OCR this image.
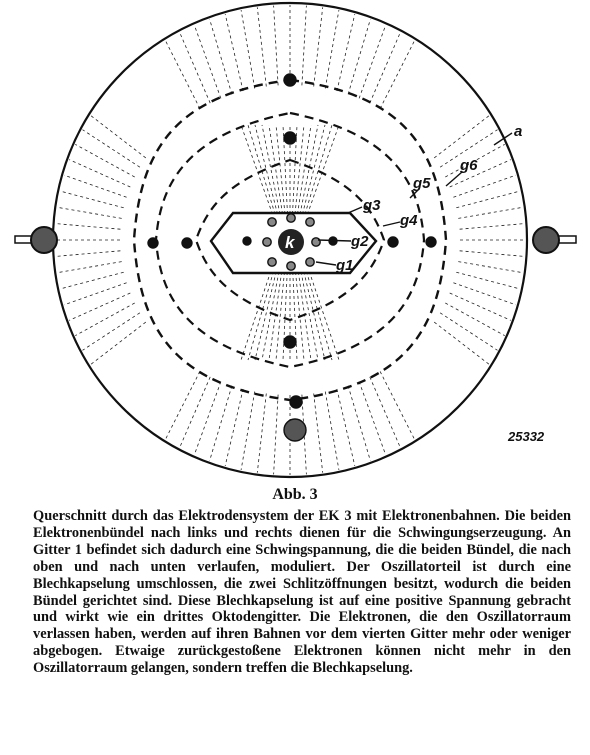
k
a
g6
g5
g4
g3
g2
g1
25332
Abb. 3

Querschnitt durch das Elektrodensystem der EK 3 mit Elektronenbahnen. Die beiden Elektronenbündel nach links und rechts dienen für die Schwingungserzeugung. An Gitter 1 befindet sich dadurch eine Schwingspannung, die die beiden Bündel, die nach oben und nach unten verlaufen, moduliert. Der Oszillatorteil ist durch eine Blechkapselung umschlossen, die zwei Schlitzöffnungen besitzt, wodurch die beiden Bündel gerichtet sind. Diese Blechkapselung ist auf eine positive Spannung gebracht und wirkt wie ein drittes Oktodengitter. Die Elektronen, die den Oszillatorraum verlassen haben, werden auf ihren Bahnen vor dem vierten Gitter mehr oder weniger abgebogen. Etwaige zurückgestoßene Elektronen können nicht mehr in den Oszillatorraum gelangen, sondern treffen die Blechkapselung.
